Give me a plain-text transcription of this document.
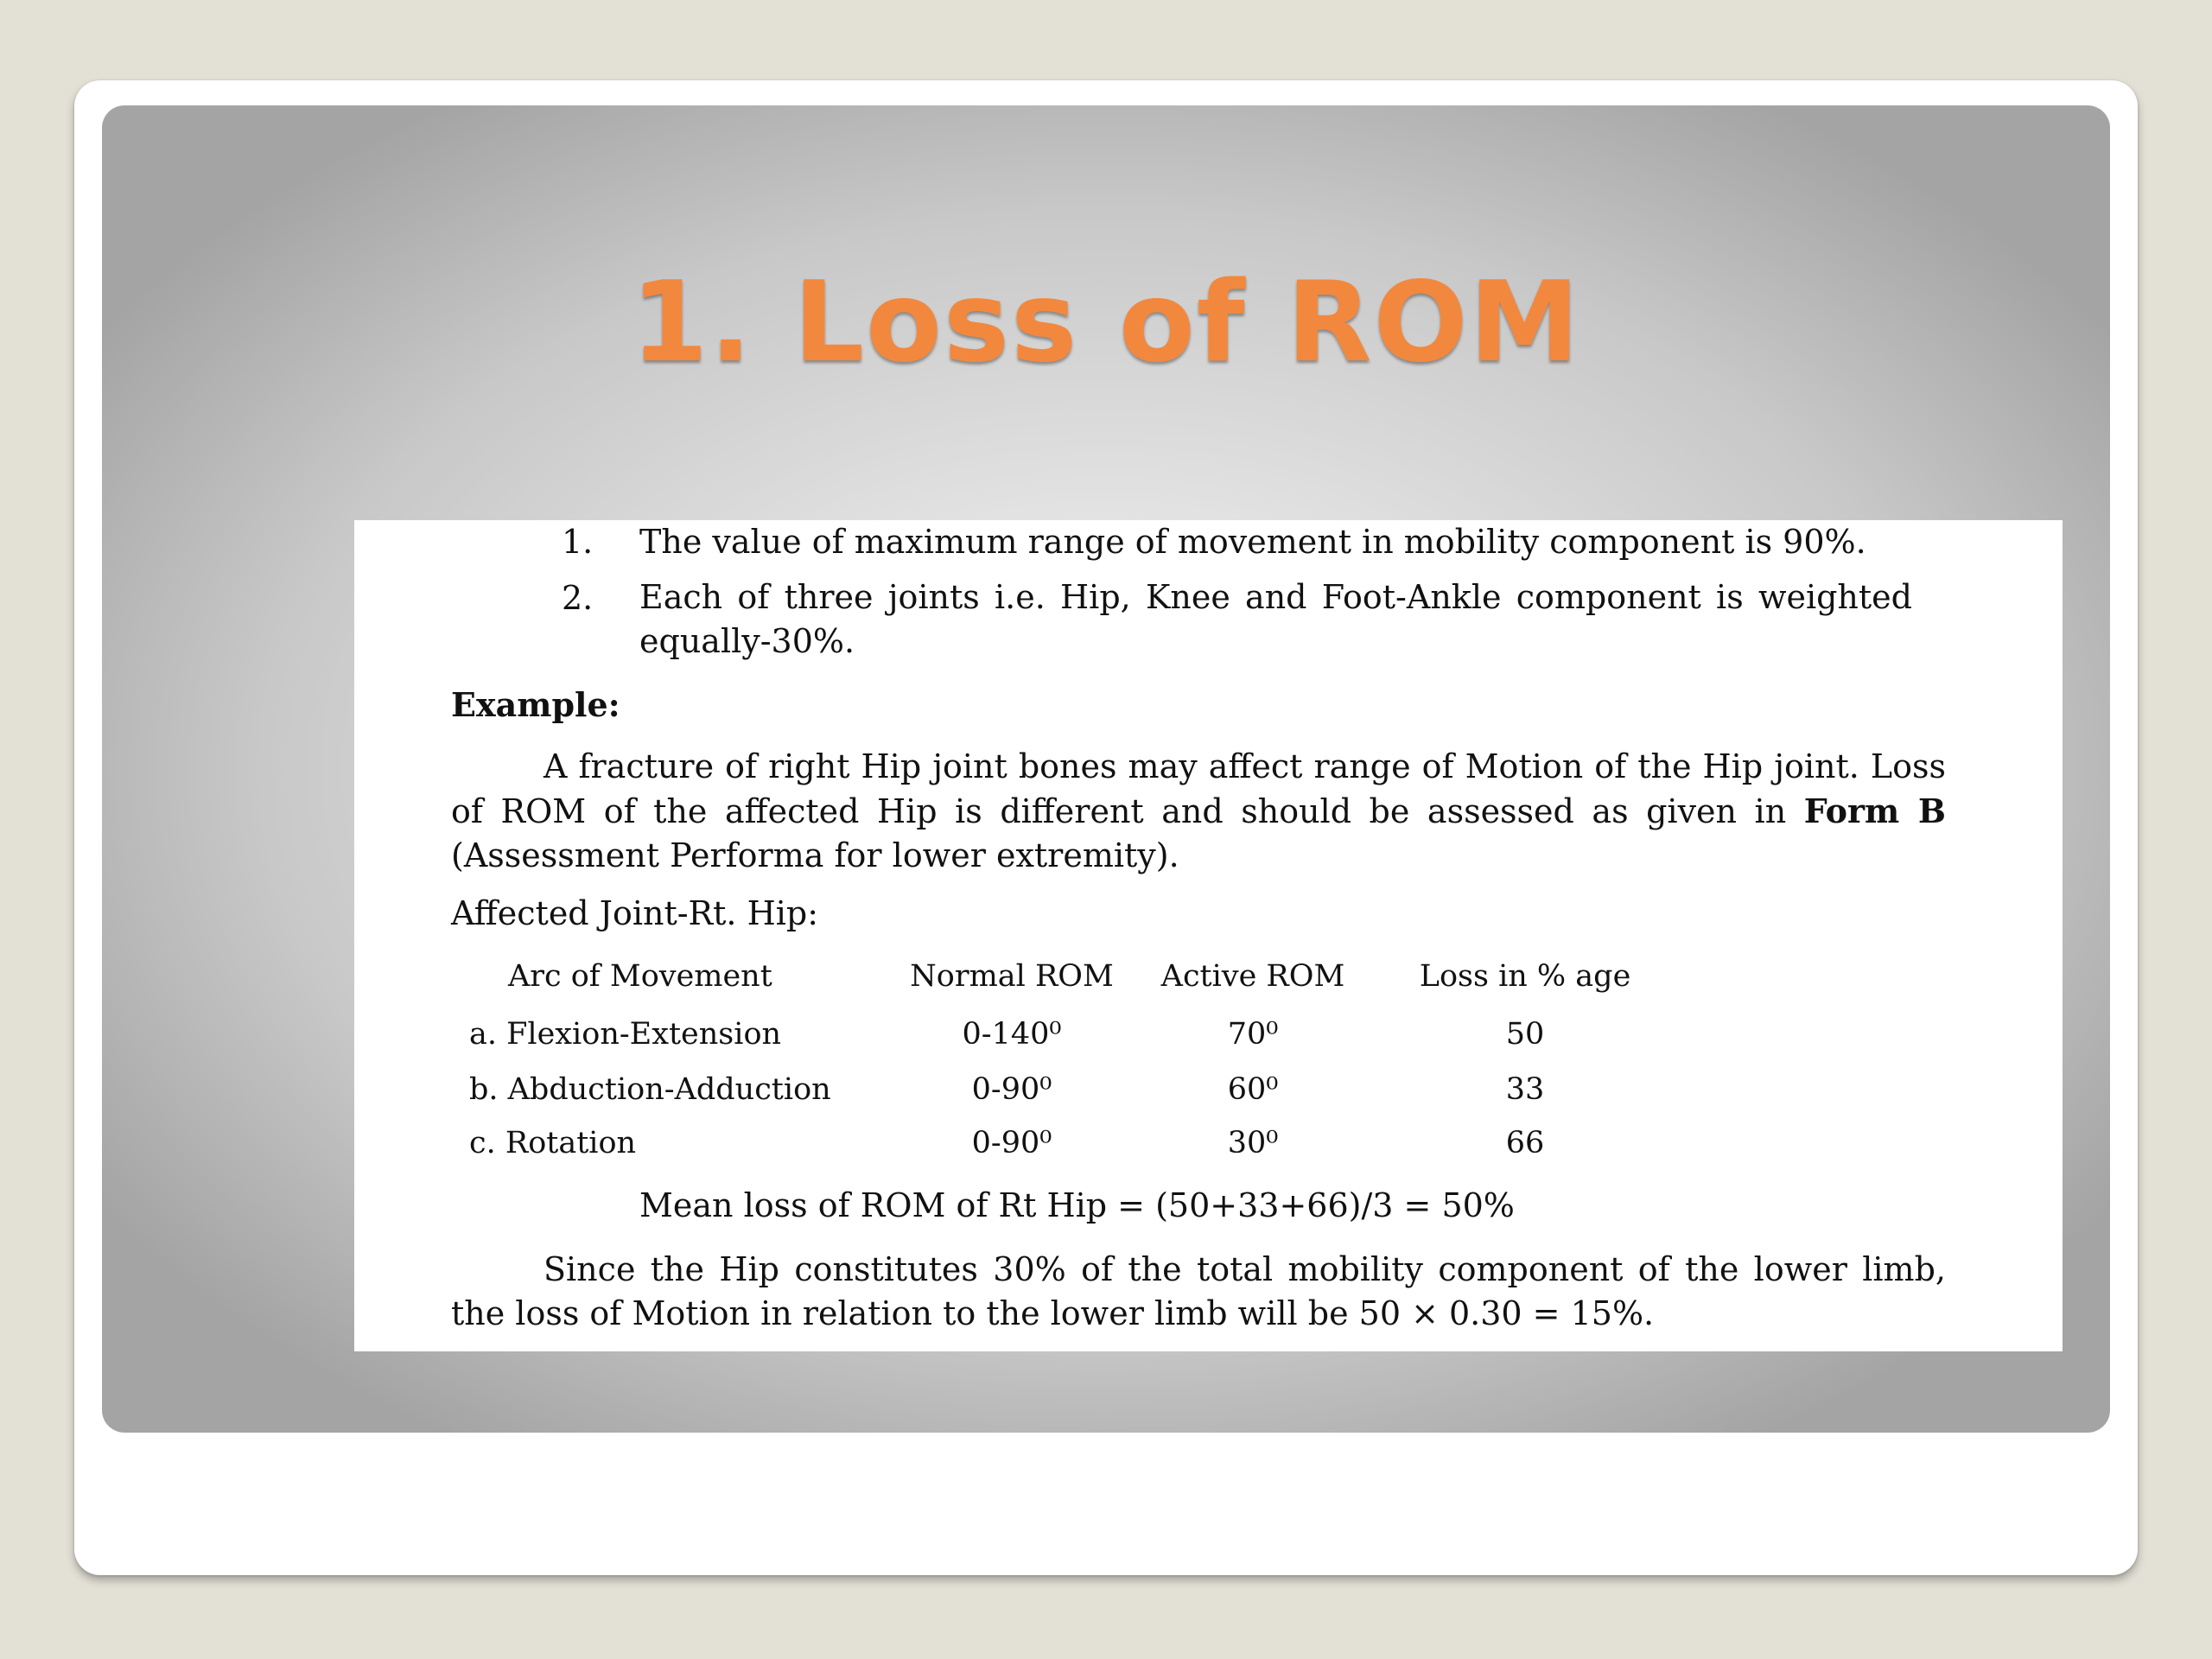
1. Loss of ROM
1. The value of maximum range of movement in mobility component is 90%.
2. Each of three joints i.e. Hip, Knee and Foot-Ankle component is weighted equally-30%.
Example:
A fracture of right Hip joint bones may affect range of Motion of the Hip joint. Loss of ROM of the affected Hip is different and should be assessed as given in Form B (Assessment Performa for lower extremity).
Affected Joint-Rt. Hip:
Arc of Movement	Normal ROM	Active ROM	Loss in % age
a. Flexion-Extension	0-140⁰	70⁰	50
b. Abduction-Adduction	0-90⁰	60⁰	33
c. Rotation	0-90⁰	30⁰	66
Mean loss of ROM of Rt Hip = (50+33+66)/3 = 50%
Since the Hip constitutes 30% of the total mobility component of the lower limb,
the loss of Motion in relation to the lower limb will be 50 × 0.30 = 15%.
